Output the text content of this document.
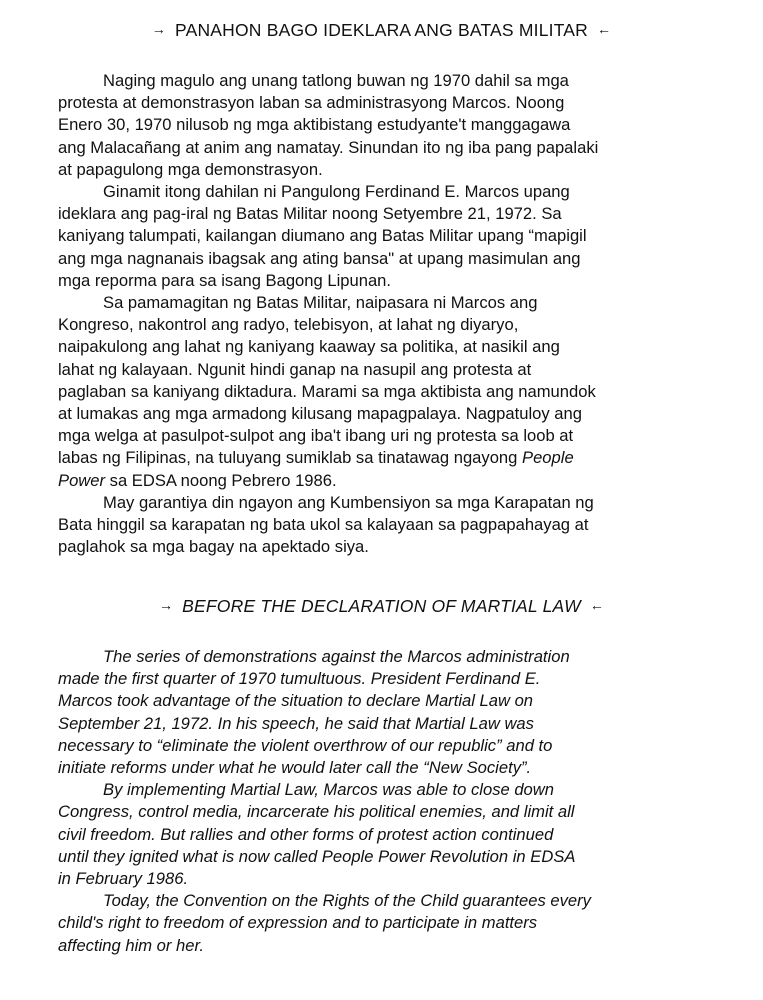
→ PANAHON BAGO IDEKLARA ANG BATAS MILITAR ←
Naging magulo ang unang tatlong buwan ng 1970 dahil sa mga
protesta at demonstrasyon laban sa administrasyong Marcos. Noong
Enero 30, 1970 nilusob ng mga aktibistang estudyante't manggagawa
ang Malacañang at anim ang namatay. Sinundan ito ng iba pang papalaki
at papagulong mga demonstrasyon.
Ginamit itong dahilan ni Pangulong Ferdinand E. Marcos upang
ideklara ang pag-iral ng Batas Militar noong Setyembre 21, 1972. Sa
kaniyang talumpati, kailangan diumano ang Batas Militar upang “mapigil
ang mga nagnanais ibagsak ang ating bansa" at upang masimulan ang
mga reporma para sa isang Bagong Lipunan.
Sa pamamagitan ng Batas Militar, naipasara ni Marcos ang
Kongreso, nakontrol ang radyo, telebisyon, at lahat ng diyaryo,
naipakulong ang lahat ng kaniyang kaaway sa politika, at nasikil ang
lahat ng kalayaan. Ngunit hindi ganap na nasupil ang protesta at
paglaban sa kaniyang diktadura. Marami sa mga aktibista ang namundok
at lumakas ang mga armadong kilusang mapagpalaya. Nagpatuloy ang
mga welga at pasulpot-sulpot ang iba't ibang uri ng protesta sa loob at
labas ng Filipinas, na tuluyang sumiklab sa tinatawag ngayong People
Power sa EDSA noong Pebrero 1986.
May garantiya din ngayon ang Kumbensiyon sa mga Karapatan ng
Bata hinggil sa karapatan ng bata ukol sa kalayaan sa pagpapahayag at
paglahok sa mga bagay na apektado siya.
→ BEFORE THE DECLARATION OF MARTIAL LAW ←
The series of demonstrations against the Marcos administration
made the first quarter of 1970 tumultuous. President Ferdinand E.
Marcos took advantage of the situation to declare Martial Law on
September 21, 1972. In his speech, he said that Martial Law was
necessary to “eliminate the violent overthrow of our republic” and to
initiate reforms under what he would later call the “New Society”.
By implementing Martial Law, Marcos was able to close down
Congress, control media, incarcerate his political enemies, and limit all
civil freedom. But rallies and other forms of protest action continued
until they ignited what is now called People Power Revolution in EDSA
in February 1986.
Today, the Convention on the Rights of the Child guarantees every
child's right to freedom of expression and to participate in matters
affecting him or her.
